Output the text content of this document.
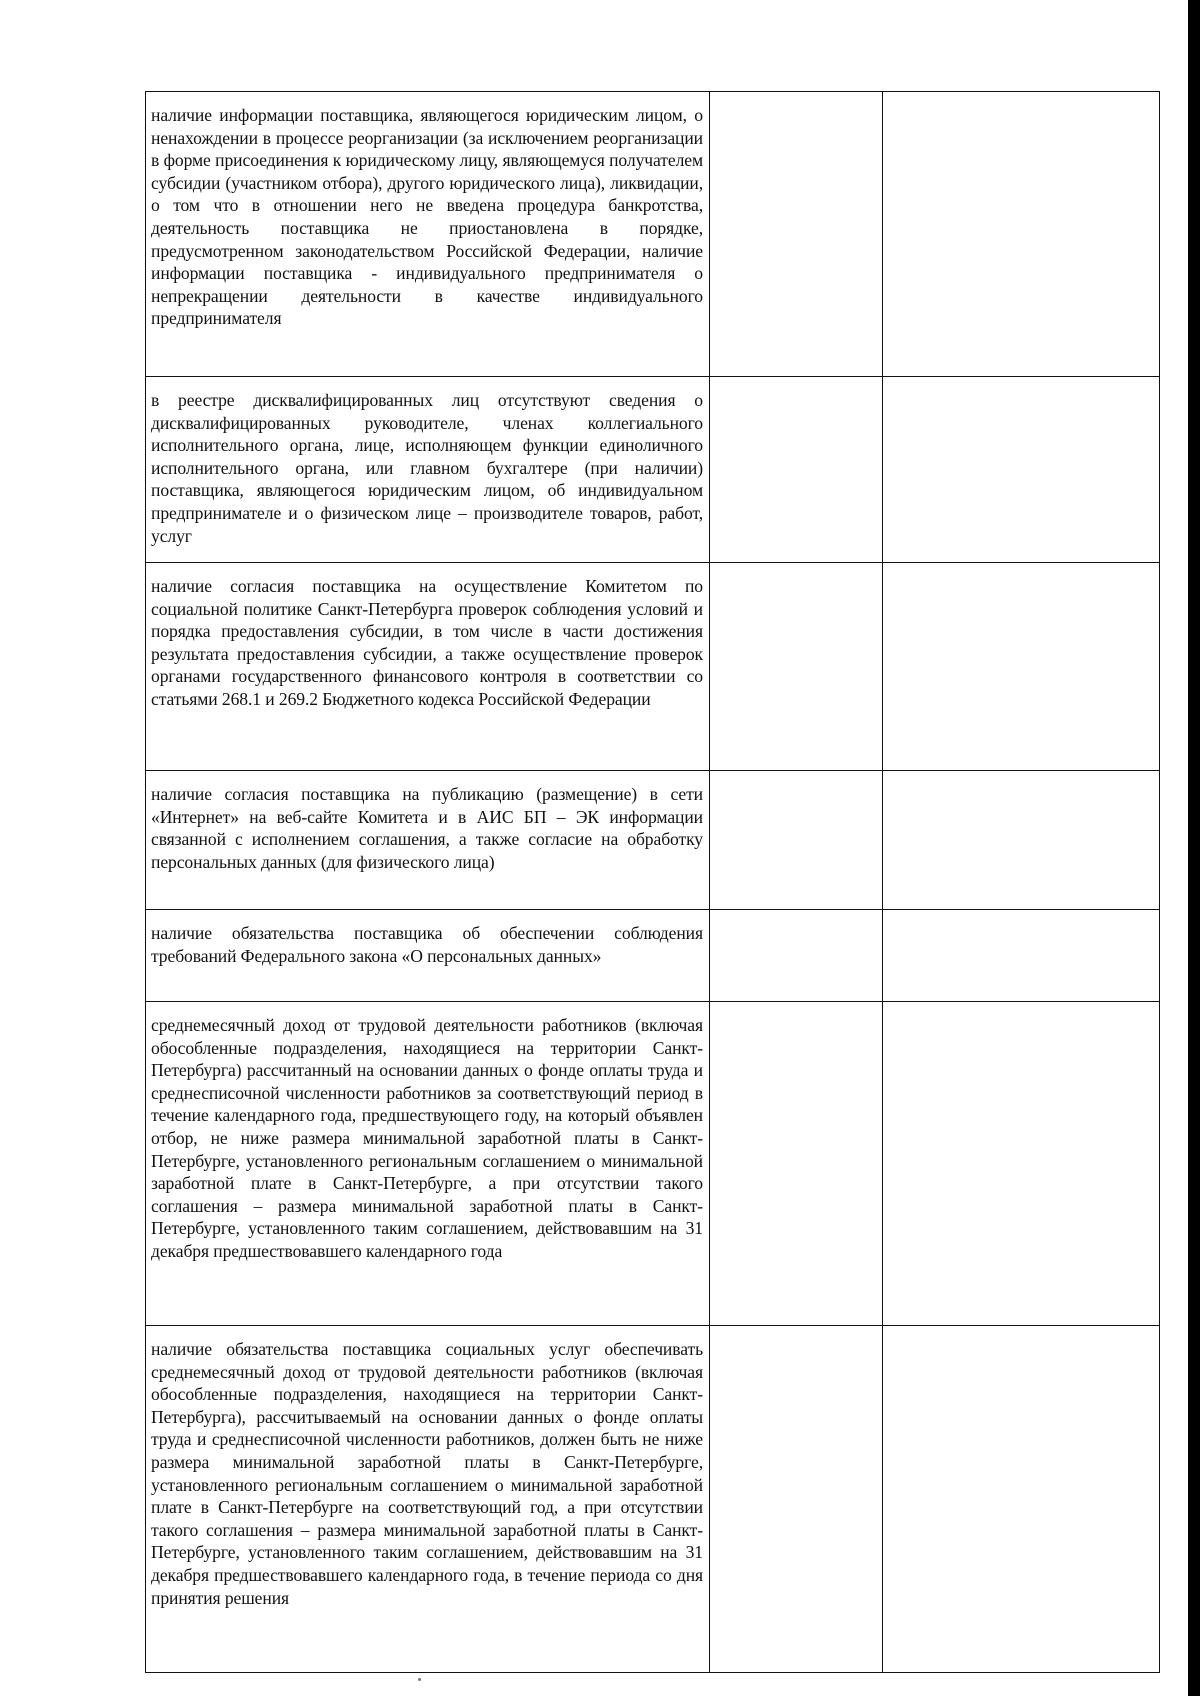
наличие информации поставщика, являющегося юридическим лицом, о ненахождении в процессе реорганизации (за исключением реорганизации в форме присоединения к юридическому лицу, являющемуся получателем субсидии (участником отбора), другого юридического лица), ликвидации, о том что в отношении него не введена процедура банкротства, деятельность поставщика не приостановлена в порядке, предусмотренном законодательством Российской Федерации, наличие информации поставщика - индивидуального предпринимателя о непрекращении деятельности в качестве индивидуального предпринимателя		

в реестре дисквалифицированных лиц отсутствуют сведения о дисквалифицированных руководителе, членах коллегиального исполнительного органа, лице, исполняющем функции единоличного исполнительного органа, или главном бухгалтере (при наличии) поставщика, являющегося юридическим лицом, об индивидуальном предпринимателе и о физическом лице – производителе товаров, работ, услуг		

наличие согласия поставщика на осуществление Комитетом по социальной политике Санкт-Петербурга проверок соблюдения условий и порядка предоставления субсидии, в том числе в части достижения результата предоставления субсидии, а также осуществление проверок органами государственного финансового контроля в соответствии со статьями 268.1 и 269.2 Бюджетного кодекса Российской Федерации		

наличие согласия поставщика на публикацию (размещение) в сети «Интернет» на веб-сайте Комитета и в АИС БП – ЭК информации связанной с исполнением соглашения, а также согласие на обработку персональных данных (для физического лица)		

наличие обязательства поставщика об обеспечении соблюдения требований Федерального закона «О персональных данных»		

среднемесячный доход от трудовой деятельности работников (включая обособленные подразделения, находящиеся на территории Санкт-Петербурга) рассчитанный на основании данных о фонде оплаты труда и среднесписочной численности работников за соответствующий период в течение календарного года, предшествующего году, на который объявлен отбор, не ниже размера минимальной заработной платы в Санкт-Петербурге, установленного региональным соглашением о минимальной заработной плате в Санкт-Петербурге, а при отсутствии такого соглашения – размера минимальной заработной платы в Санкт-Петербурге, установленного таким соглашением, действовавшим на 31 декабря предшествовавшего календарного года		

наличие обязательства поставщика социальных услуг обеспечивать среднемесячный доход от трудовой деятельности работников (включая обособленные подразделения, находящиеся на территории Санкт-Петербурга), рассчитываемый на основании данных о фонде оплаты труда и среднесписочной численности работников, должен быть не ниже размера минимальной заработной платы в Санкт-Петербурге, установленного региональным соглашением о минимальной заработной плате в Санкт-Петербурге на соответствующий год, а при отсутствии такого соглашения – размера минимальной заработной платы в Санкт-Петербурге, установленного таким соглашением, действовавшим на 31 декабря предшествовавшего календарного года, в течение периода со дня принятия решения		
